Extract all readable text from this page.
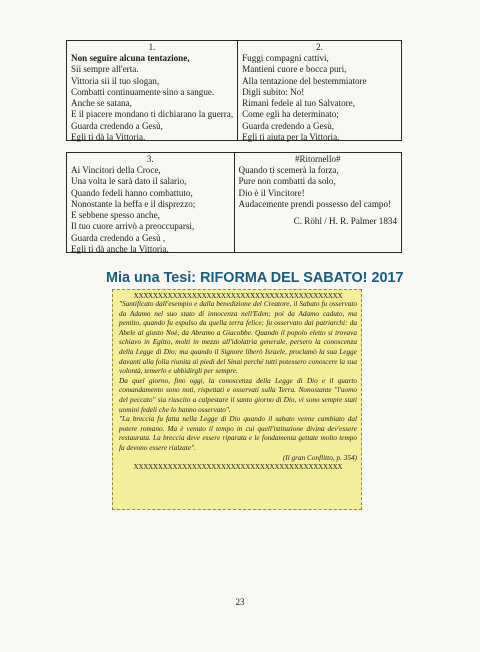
1.
Non seguire alcuna tentazione,
Sii sempre all'erta.
Vittoria sii il tuo slogan,
Combatti continuamente sino a sangue.
Anche se satana,
E il piacere mondano ti dichiarano la guerra,
Guarda credendo a Gesù,
Egli ti dà la Vittoria.
2.
Fuggi compagni cattivi,
Mantieni cuore e bocca puri,
Alla tentazione del bestemmiatore
Digli subito: No!
Rimani fedele al tuo Salvatore,
Come egli ha determinato;
Guarda credendo a Gesù,
Egli ti aiuta per la Vittoria.
3.
Ai Vincitori della Croce,
Una volta le sarà dato il salario,
Quando fedeli hanno combattuto,
Nonostante la beffa e il disprezzo;
E sebbene spesso anche,
Il tuo cuore arrivò a preoccuparsi,
Guarda credendo a Gesù ,
Egli ti dà anche la Vittoria.
#Ritornello#
Quando ti scemerà la forza,
Pure non combatti da solo,
Dio è il Vincitore!
Audacemente prendi possesso del campo!
C. Röhl / H. R. Palmer 1834
Mia una Tesi: RIFORMA DEL SABATO! 2017
XXXXXXXXXXXXXXXXXXXXXXXXXXXXXXXXXXXXXXXXXXX

"Santificato dall'esempio e dalla benedizione del Creatore, il Sabato fu osservato da Adamo nel suo stato di innocenza nell'Eden; poi da Adamo caduto, ma pentito, quando fu espulso da quella terra felice; fu osservato dai patriarchi: da Abele al giusto Noè, da Abramo a Giacobbe. Quando il popolo eletto si trovava schiavo in Egitto, molti in mezzo all'idolatria generale, persero la conoscenza della Legge di Dio; ma quando il Signore liberò Israele, proclamò la sua Legge davanti alla folla riunita ai piedi del Sinai perché tutti potessero conoscere la sua volontà, temerlo e ubbidirgli per sempre.

Da quel giorno, fino oggi, la conoscenza della Legge di Dio e il quarto comandamento sono noti, rispettati e osservati sulla Terra. Nonostante "l'uomo del peccato" sia riuscito a calpestare il santo giorno di Dio, vi sono sempre stati uomini fedeli che lo hanno osservato".

"La breccia fu fatta nella Legge di Dio quando il sabato venne cambiato dal potere romano. Ma è venuto il tempo in cui quell'istituzione divina dev'essere restaurata. La breccia deve essere riparata e le fondamenta gettate molto tempo fa devono essere rialzate".

(Il gran Conflitto, p. 354)
XXXXXXXXXXXXXXXXXXXXXXXXXXXXXXXXXXXXXXXXXXX
23
